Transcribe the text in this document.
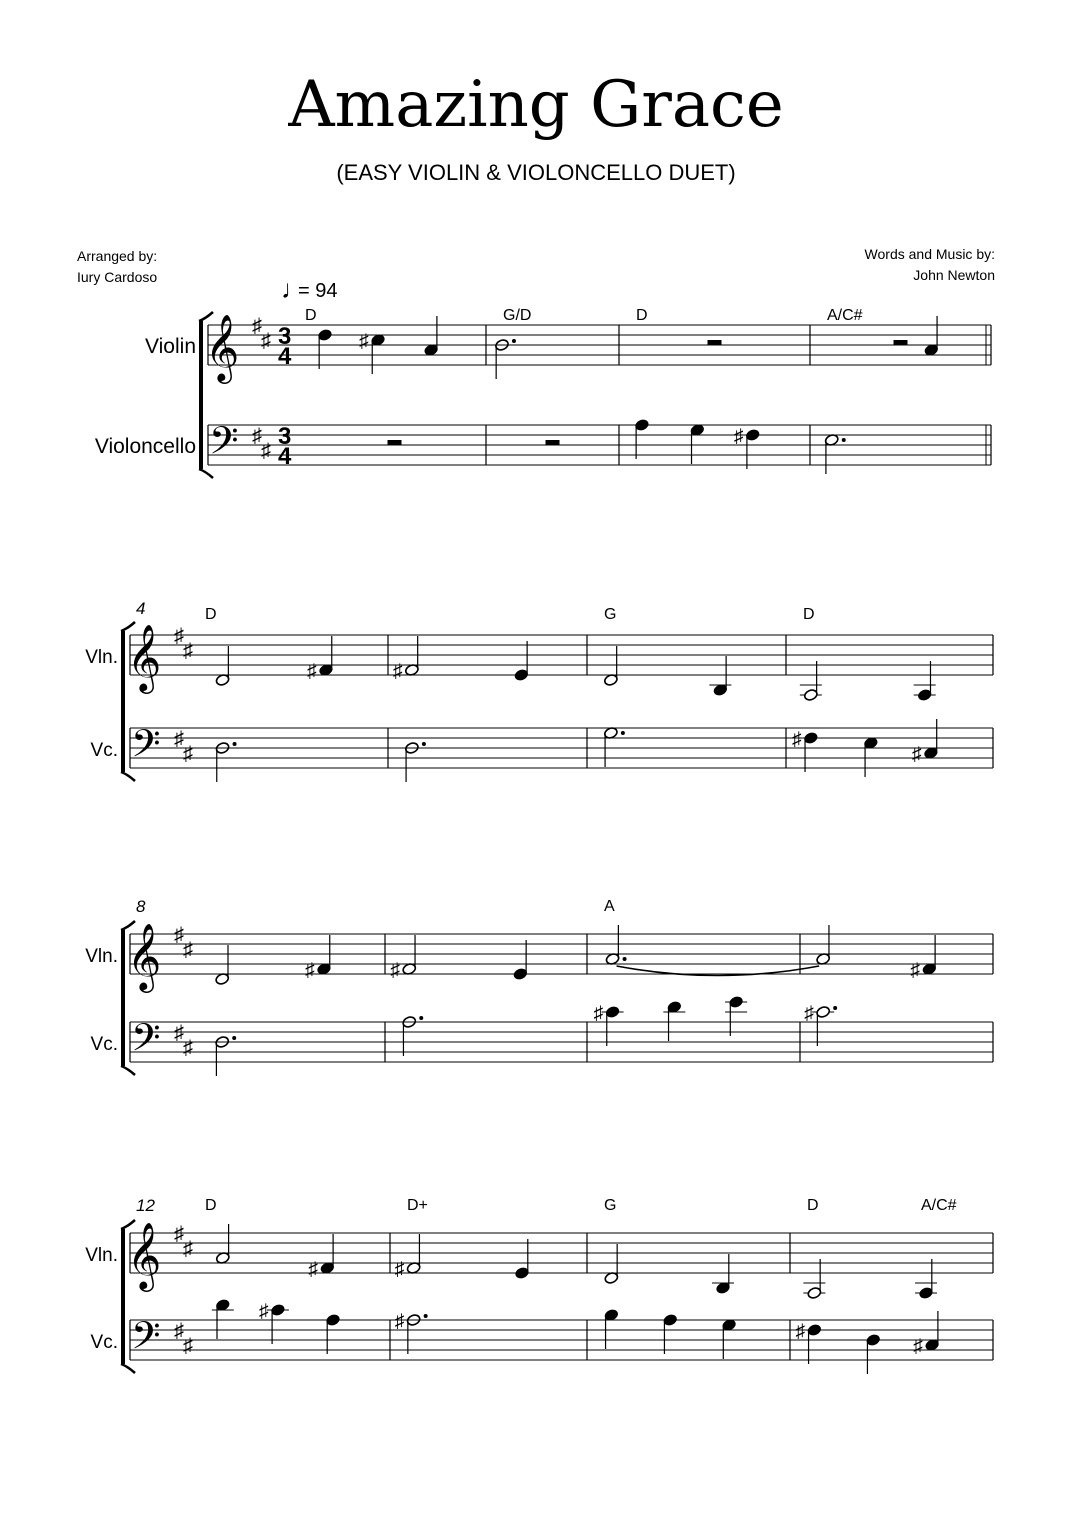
Amazing Grace
(EASY VIOLIN & VIOLONCELLO DUET)
Arranged by:
Iury Cardoso
Words and Music by:
John Newton
♩
= 94
Violin
Violoncello
𝄞
𝄢
♯
♯
♯
♯
3
4
3
4
D
♯
G/D	D
♯
A/C#
Vln.
Vc.
𝄞
𝄢
♯
♯
♯
♯
4	D
♯	♯
G	D
♯
♯
Vln.
Vc.
𝄞
𝄢
♯
♯
♯
♯
8
♯	♯
A
♯
♯
♯
Vln.
Vc.
𝄞
𝄢
♯
♯
♯
♯
12	D
♯
♯
D+
♯
♯
G	D	A/C#
♯
♯
